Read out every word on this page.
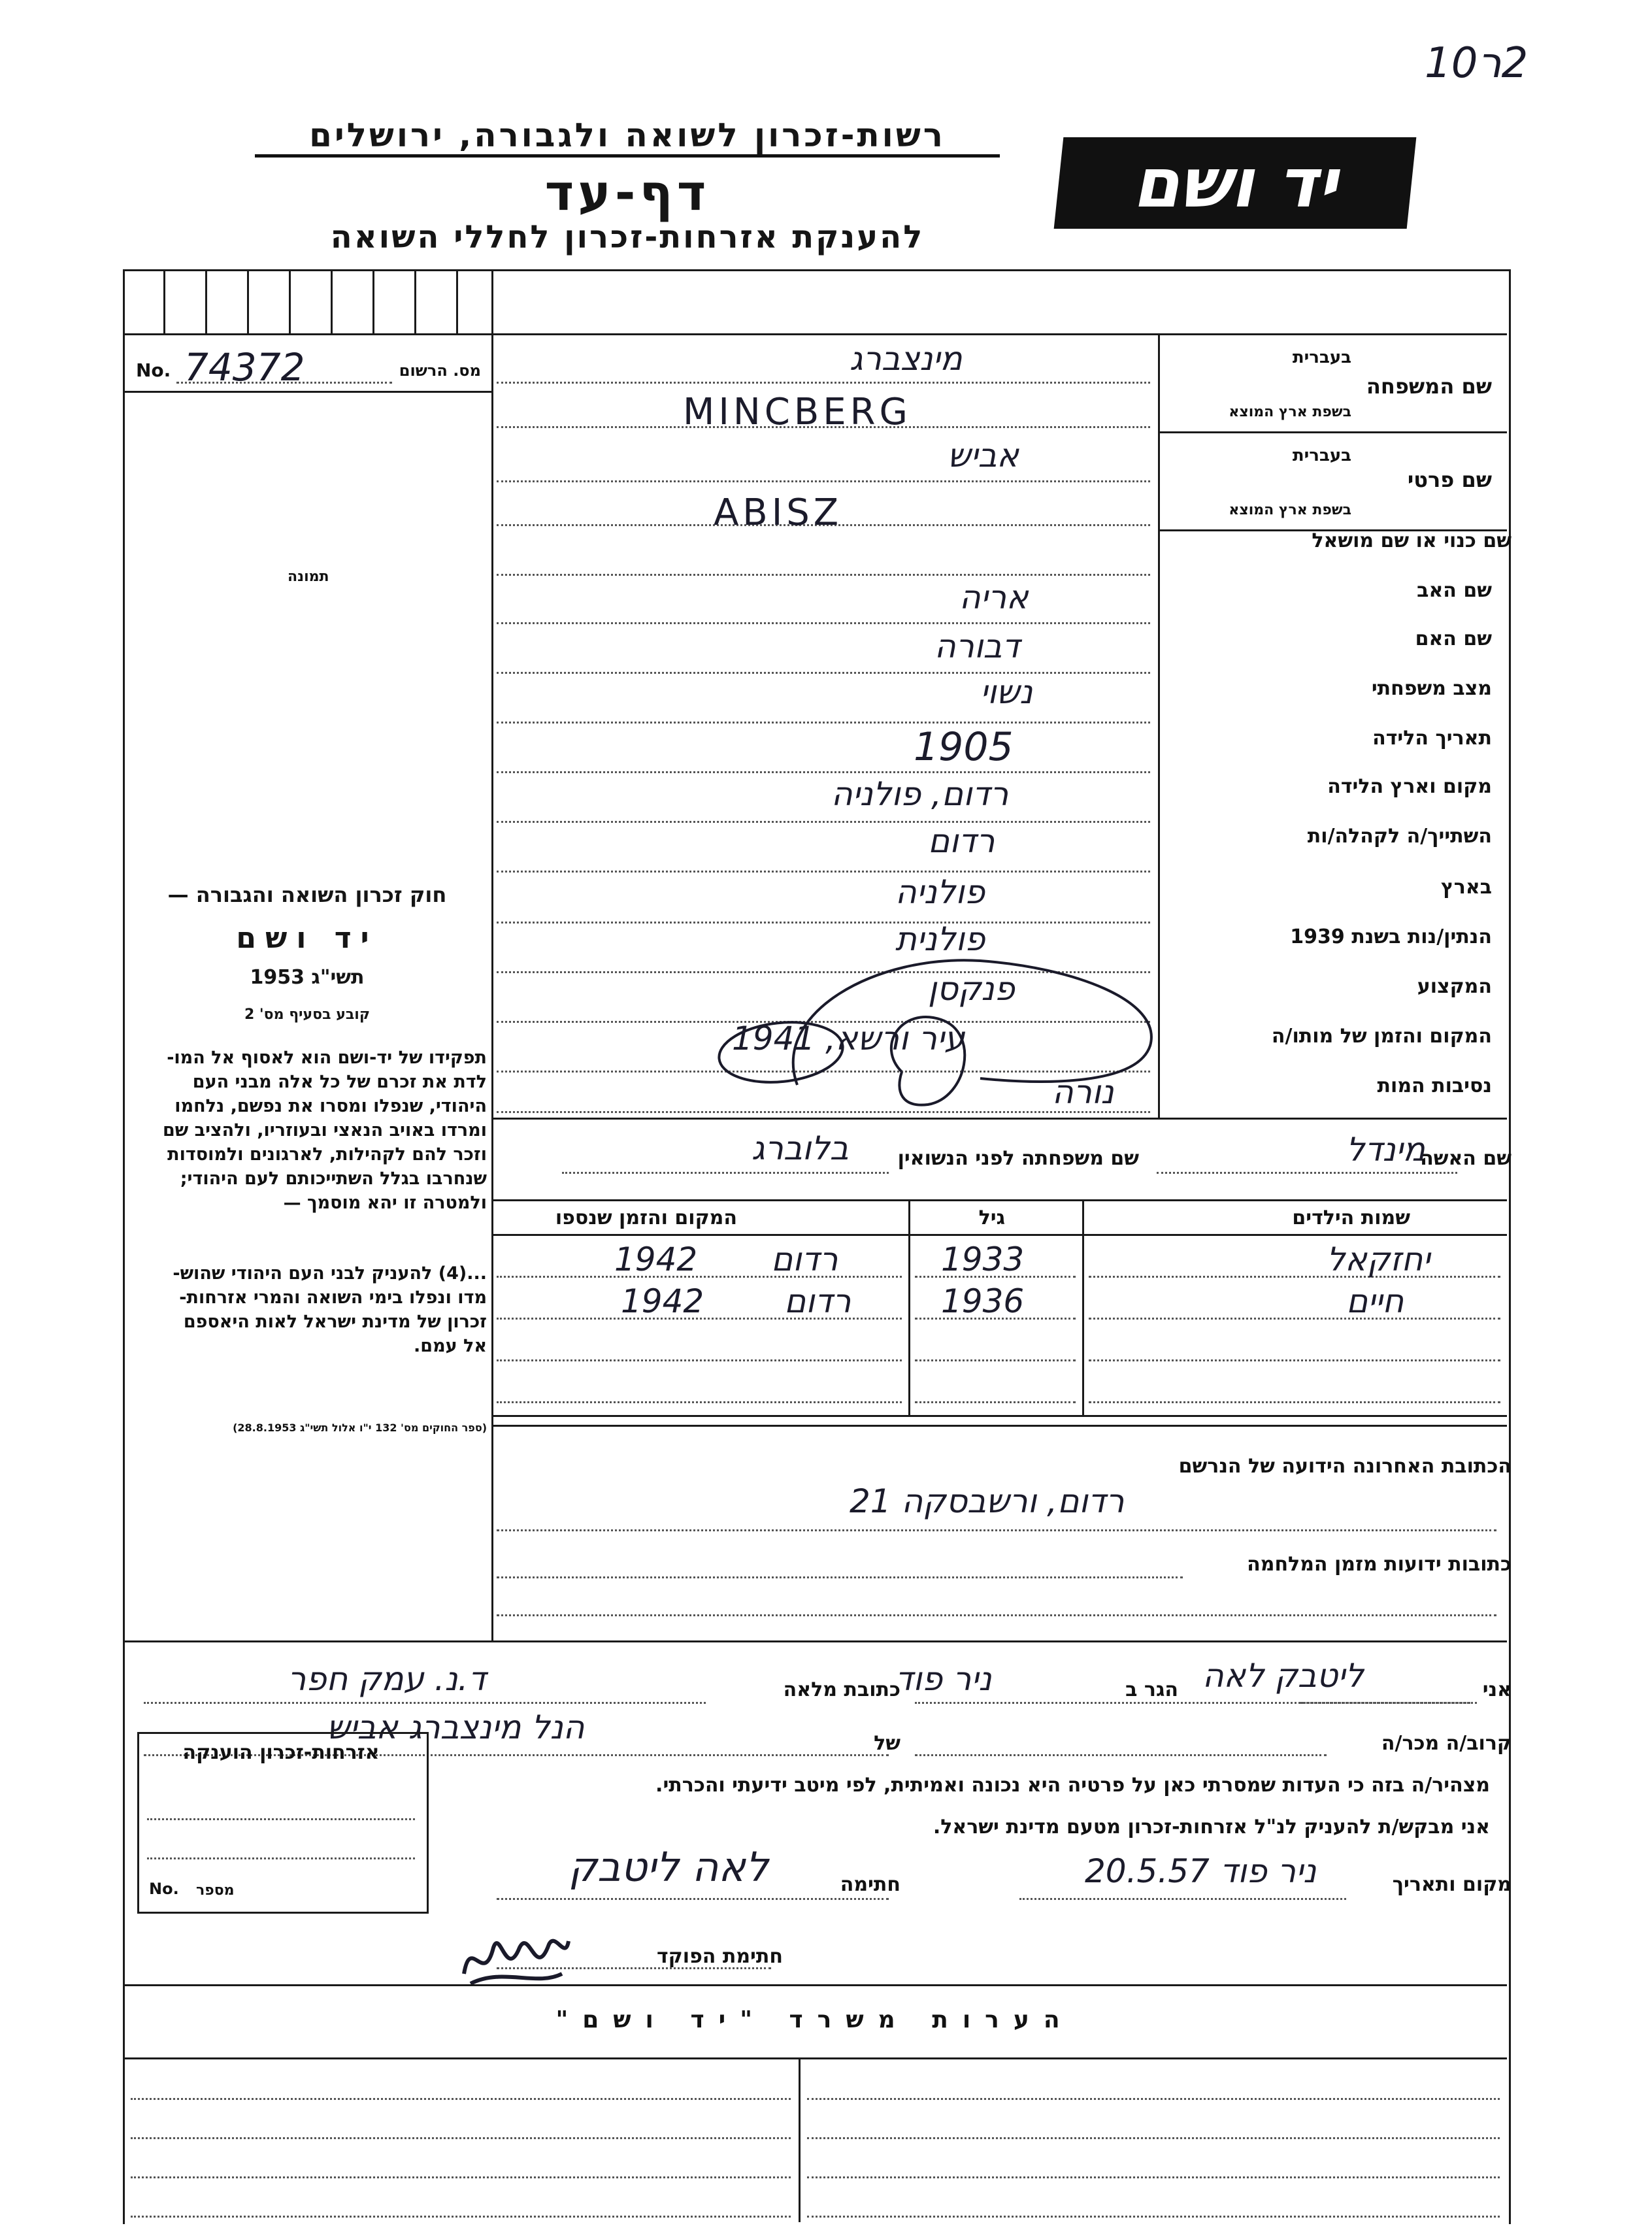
2ר10
רשות-זכרון לשואה ולגבורה, ירושלים
דף-עד
להענקת אזרחות-זכרון לחללי השואה
יד ושם
No. 74372	מס. הרשום
תמונה
חוק זכרון השואה והגבורה —
יד ושם
תשי"ג 1953
קובע בסעיף מס' 2
תפקידו של יד-ושם הוא לאסוף אל המו-
לדת את זכרם של כל אלה מבני העם
היהודי, שנפלו ומסרו את נפשם, נלחמו
ומרדו באויב הנאצי ובעוזריו, ולהציב שם
וזכר להם לקהילות, לארגונים ולמוסדות
שנחרבו בגלל השתייכותם לעם היהודי;
ולמטרה זו יהא מוסמך —
...(4) להעניק לבני העם היהודי שהוש-
מדו ונפלו בימי השואה והמרי אזרחות-
זכרון של מדינת ישראל לאות היאספם
אל עמם.
(ספר החוקים מס' 132 י"ו אלול תשי"ג 28.8.1953)
שם המשפחה
בעברית
בשפת ארץ המוצא
מינצברג
MINCBERG
שם פרטי
בעברית
בשפת ארץ המוצא
אביש
ABISZ
שם כנוי או שם מושאל
שם האב
שם האם
מצב משפחתי
תאריך הלידה
מקום וארץ הלידה
השתייך/ה לקהלה/ות
בארץ
הנתין/נות בשנת 1939
המקצוע
המקום והזמן של מותו/ה
נסיבות המות
אריה
דבורה
נשוי
1905
רדום, פולניה
רדום
פולניה
פולנית
פנקסן
עיר ורשא, 1941
נורה
שם האשה
מינדל
שם משפחתה לפני הנשואין
בלוברג
שמות הילדים
גיל
המקום והזמן שנספו
יחזקאל
1933
רדום
1942
חיים
1936
רדום
1942
הכתובת האחרונה הידועה של הנרשם
רדום, ורשבסקה 21
כתובות ידועות מזמן המלחמה
אני
ליטבק לאה
הגר ב
ניר פוד
כתובת מלאה
ד.נ. עמק חפר
קרוב/ה מכר/ה
של
הנל מינצברג אביש
מצהיר/ה בזה כי העדות שמסרתי כאן על פרטיה היא נכונה ואמיתית, לפי מיטב ידיעתי והכרתי.
אני מבקש/ת להעניק לנ"ל אזרחות-זכרון מטעם מדינת ישראל.
מקום ותאריך
ניר פוד 20.5.57
חתימה
לאה ליטבק
חתימת הפוקד
אזרחות-זכרון הוענקה
No. מספר
הערות משרד "יד ושם"
